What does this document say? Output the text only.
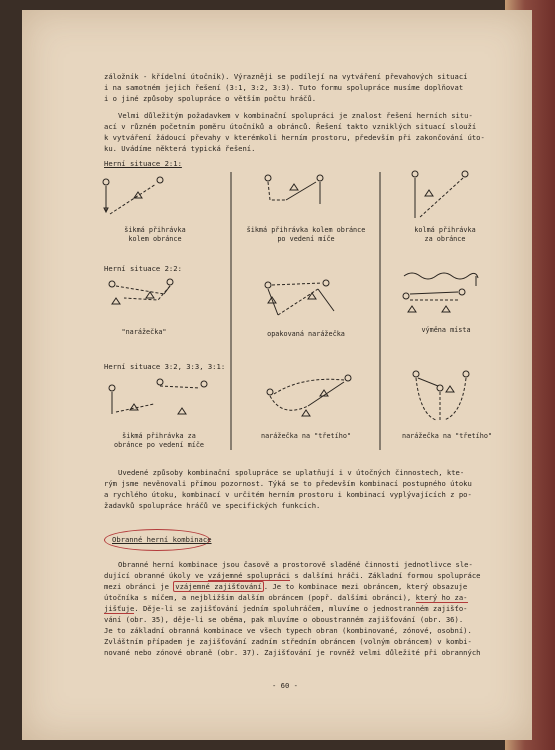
záložník - křídelní útočník). Výrazněji se podílejí na vytváření převahových situací
i na samotném jejich řešení (3:1, 3:2, 3:3). Tuto formu spolupráce musíme doplňovat
i o jiné způsoby spolupráce o větším počtu hráčů.
Velmi důležitým požadavkem v kombinační spolupráci je znalost řešení herních situ-
ací v různém početním poměru útočníků a obránců. Řešení takto vzniklých situací slouží
k vytváření žádoucí převahy v kterémkoli herním prostoru, především při zakončování úto-
ku. Uvádíme některá typická řešení.
Herní situace 2:1:
šikmá přihrávka
kolem obránce
šikmá přihrávka kolem obránce
po vedení míče
kolmá přihrávka
za obránce
Herní situace 2:2:
"narážečka"	opakovaná narážečka	výměna místa
Herní situace 3:2, 3:3, 3:1:
šikmá přihrávka za
obránce po vedení míče
narážečka na "třetího"	narážečka na "třetího"
Uvedené způsoby kombinační spolupráce se uplatňují i v útočných činnostech, kte-
rým jsme nevěnovali přímou pozornost. Týká se to především kombinací postupného útoku
a rychlého útoku, kombinací v určitém herním prostoru i kombinací vyplývajících z po-
žadavků spolupráce hráčů ve specifických funkcích.
Obranné herní kombinace
Obranné herní kombinace jsou časově a prostorově sladěné činnosti jednotlivce sle-
dující obranné úkoly ve vzájemné spolupráci s dalšími hráči. Základní formou spolupráce
mezi obránci je vzájemné zajišťování . Je to kombinace mezi obráncem, který obsazuje
útočníka s míčem, a nejbližším dalším obráncem (popř. dalšími obránci), který ho za-
jišťuje. Děje-li se zajišťování jedním spoluhráčem, mluvíme o jednostranném zajišťo-
vání (obr. 35), děje-li se oběma, pak mluvíme o oboustranném zajišťování (obr. 36).
Je to základní obranná kombinace ve všech typech obran (kombinované, zónové, osobní).
Zvláštním případem je zajišťování zadním středním obráncem (volným obráncem) v kombi-
nované nebo zónové obraně (obr. 37). Zajišťování je rovněž velmi důležité při obranných
- 60 -
